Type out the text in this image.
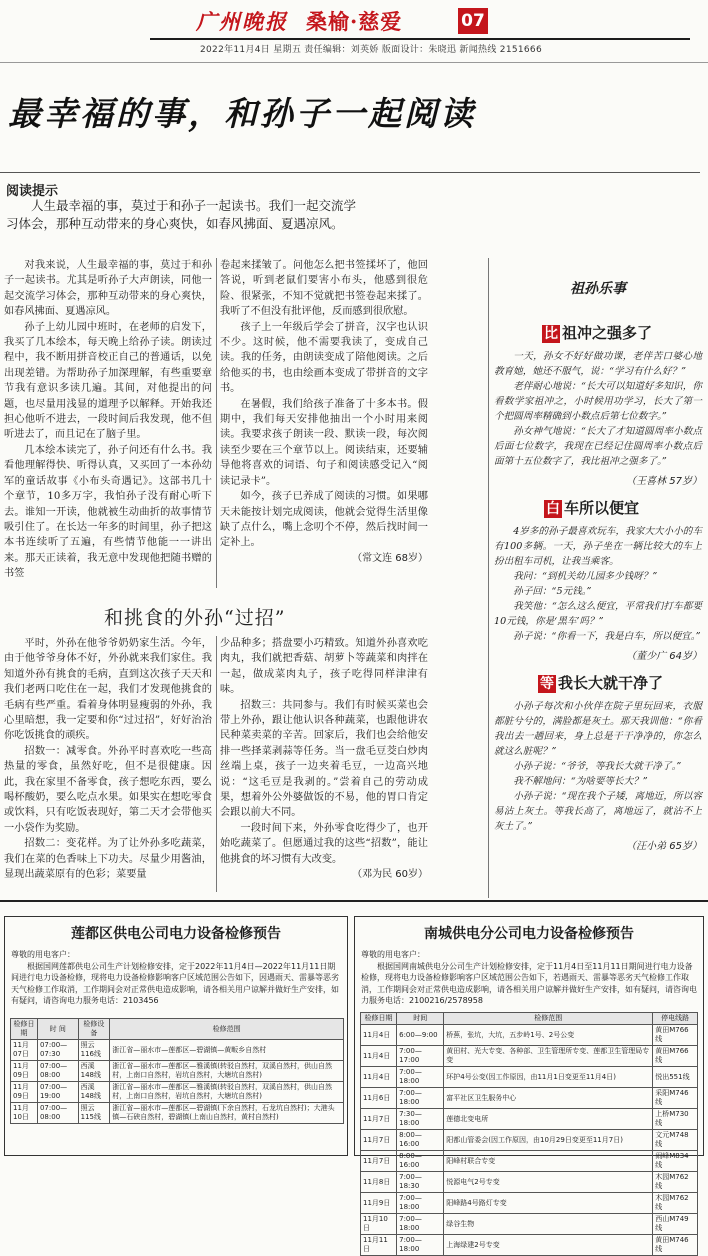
广州晚报 桑榆·慈爱	07
2022年11月4日 星期五 责任编辑：刘英娇 版面设计：朱晓迅 新闻热线 2151666
最幸福的事，和孙子一起阅读
阅读提示
人生最幸福的事，莫过于和孙子一起读书。我们一起交流学习体会，那种互动带来的身心爽快，如春风拂面、夏遇凉风。

对我来说，人生最幸福的事，莫过于和孙子一起读书。尤其是听孙子大声朗读，同他一起交流学习体会，那种互动带来的身心爽快，如春风拂面、夏遇凉风。

孙子上幼儿园中班时，在老师的启发下，我买了几本绘本，每天晚上给孙子读。朗读过程中，我不断用拼音校正自己的普通话，以免出现差错。为帮助孙子加深理解，有些重要章节我有意识多读几遍。其间，对他提出的问题，也尽量用浅显的道理予以解释。开始我还担心他听不进去，一段时间后我发现，他不但听进去了，而且记在了脑子里。

几本绘本读完了，孙子问还有什么书。我看他理解得快、听得认真，又买回了一本孙幼军的童话故事《小布头奇遇记》。这部书几十个章节，10多万字，我怕孙子没有耐心听下去。谁知一开读，他就被生动曲折的故事情节吸引住了。在长达一年多的时间里，孙子把这本书连续听了五遍，有些情节他能一一讲出来。那天正读着，我无意中发现他把随书赠的书签

卷起来揉皱了。问他怎么把书签揉坏了，他回答说，听到老鼠们要害小布头，他感到很危险、很紧张，不知不觉就把书签卷起来揉了。我听了不但没有批评他，反而感到很欣慰。

孩子上一年级后学会了拼音，汉字也认识不少。这时候，他不需要我读了，变成自己读。我的任务，由朗读变成了陪他阅读。之后给他买的书，也由绘画本变成了带拼音的文字书。

在暑假，我们给孩子准备了十多本书。假期中，我们每天安排他抽出一个小时用来阅读。我要求孩子朗读一段、默读一段，每次阅读至少要在三个章节以上。阅读结束，还要辅导他将喜欢的词语、句子和阅读感受记入“阅读记录卡”。

如今，孩子已养成了阅读的习惯。如果哪天未能按计划完成阅读，他就会觉得生活里像缺了点什么，嘴上念叨个不停，然后找时间一定补上。

（常文连 68岁）
和挑食的外孙“过招”

平时，外孙在他爷爷奶奶家生活。今年，由于他爷爷身体不好，外孙就来我们家住。我知道外孙有挑食的毛病，直到这次孩子天天和我们老两口吃住在一起，我们才发现他挑食的毛病有些严重。看着身体明显瘦弱的外孙，我心里暗想，我一定要和你“过过招”，好好治治你吃饭挑食的顽疾。

招数一：减零食。外孙平时喜欢吃一些高热量的零食，虽然好吃，但不是很健康。因此，我在家里不备零食，孩子想吃东西，要么喝杯酸奶，要么吃点水果。如果实在想吃零食或饮料，只有吃饭表现好，第二天才会带他买一小袋作为奖励。

招数二：变花样。为了让外孙多吃蔬菜，我们在菜的色香味上下功夫。尽量少用酱油，显现出蔬菜原有的色彩；菜要量

少品种多；搭盘要小巧精致。知道外孙喜欢吃肉丸，我们就把香菇、胡萝卜等蔬菜和肉拌在一起，做成菜肉丸子，孩子吃得同样津津有味。

招数三：共同参与。我们有时候买菜也会带上外孙，跟让他认识各种蔬菜，也跟他讲农民种菜卖菜的辛苦。回家后，我们也会给他安排一些择菜剥蒜等任务。当一盘毛豆茭白炒肉丝端上桌，孩子一边夹着毛豆，一边高兴地说：“这毛豆是我剥的。”尝着自己的劳动成果，想着外公外婆做饭的不易，他的胃口肯定会跟以前大不同。

一段时间下来，外孙零食吃得少了，也开始吃蔬菜了。但愿通过我的这些“招数”，能让他挑食的坏习惯有大改变。

（邓为民 60岁）
祖孙乐事
比 祖冲之强多了
一天，孙女不好好做功课，老伴苦口婆心地教育她，她还不服气，说：“学习有什么好？”
老伴耐心地说：“长大可以知道好多知识，你看数学家祖冲之，小时候用功学习，长大了第一个把圆周率精确到小数点后第七位数字。”
孙女神气地说：“长大了才知道圆周率小数点后面七位数字，我现在已经记住圆周率小数点后面第十五位数字了，我比祖冲之强多了。”
（王喜林 57岁）
白 车所以便宜
4岁多的孙子最喜欢玩车，我家大大小小的车有100多辆。一天，孙子坐在一辆比较大的车上扮出租车司机，让我当乘客。
我问：“到机关幼儿园多少钱呀？”
孙子回：“5元钱。”
我笑他：“怎么这么便宜，平常我们打车都要10元钱，你是‘黑车’吗？”
孙子说：“你看一下，我是白车，所以便宜。”
（董少广 64岁）
等 我长大就干净了
小孙子每次和小伙伴在院子里玩回来，衣服都脏兮兮的，满脸都是灰土。那天我训他：“你看我出去一趟回来，身上总是干干净净的，你怎么就这么脏呢？”
小孙子说：“爷爷，等我长大就干净了。”
我不解地问：“为啥要等长大？”
小孙子说：“现在我个子矮，离地近，所以容易沾上灰土。等我长高了，离地远了，就沾不上灰土了。”
（汪小弟 65岁）
莲都区供电公司电力设备检修预告
尊敬的用电客户：
根据国网莲都供电公司生产计划检修安排，定于2022年11月4日—2022年11月11日期间进行电力设备检修，现将电力设备检修影响客户区域范围公告如下，因遇雨天、雷暴等恶劣天气检修工作取消，工作期间会对正常供电造成影响，请各相关用户谅解并做好生产安排，如有疑问，请咨询电力服务电话：2103456
检修日期	时 间	检修设备	检修范围
11月07日	07:00—07:30	照云 116线	浙江省—丽水市—莲都区—碧湖镇—黄畈乡自然村
11月09日	07:00—08:00	西溪 148线	浙江省—丽水市—莲都区—雅溪镇(转驳自然村，双溪自然村，供山自然村，上南口自然村，岩坑自然村，大塘坑自然村)
11月09日	07:00—19:00	西溪 148线	浙江省—丽水市—莲都区—雅溪镇(转驳自然村，双溪自然村，供山自然村，上南口自然村，岩坑自然村，大塘坑自然村)
11月10日	07:00—08:00	照云 115线	浙江省—丽水市—莲都区—碧湖镇(下余自然村，石龙坑自然村)；大港头镇—石硖自然村，碧湖镇(上南山自然村，黄村自然村)
南城供电分公司电力设备检修预告
尊敬的用电客户：
根据国网南城供电分公司生产计划检修安排，定于11月4日至11月11日期间进行电力设备检修，现将电力设备检修影响客户区域范围公告如下，若遇雨天、雷暴等恶劣天气检修工作取消，工作期间会对正常供电造成影响，请各相关用户谅解并做好生产安排，如有疑问，请咨询电力服务电话：2100216/2578958
检修日期	时间	检修范围	停电线路
11月4日	6:00—9:00	桥蕉，张坑，大坑，五步岭1号、2号公变	黄田M766线
11月4日	7:00—17:00	黄田村、光大专变、各种部、卫生管理所专变、莲都卫生管理局专变	黄田M766线
11月4日	7:00—18:00	环护4号公变(因工作原因，由11月1日变更至11月4日)	悦出551线
11月6日	7:00—18:00	富平社区卫生服务中心	采阳M746线
11月7日	7:30—18:00	莲德北变电所	上桥M730线
11月7日	8:00—16:00	阳都山管委会(因工作原因，由10月29日变更至11月7日)	文元M748线
11月7日	8:00—16:00	阳峰村联合专变	闹峰M834线
11月8日	7:00—18:30	悦源电气2号专变	木园M762线
11月9日	7:00—18:00	阳峰路4号路灯专变	木园M762线
11月10日	7:00—18:00	绿谷生物	西山M749线
11月11日	7:00—18:00	上海绿建2号专变	黄田M746线
